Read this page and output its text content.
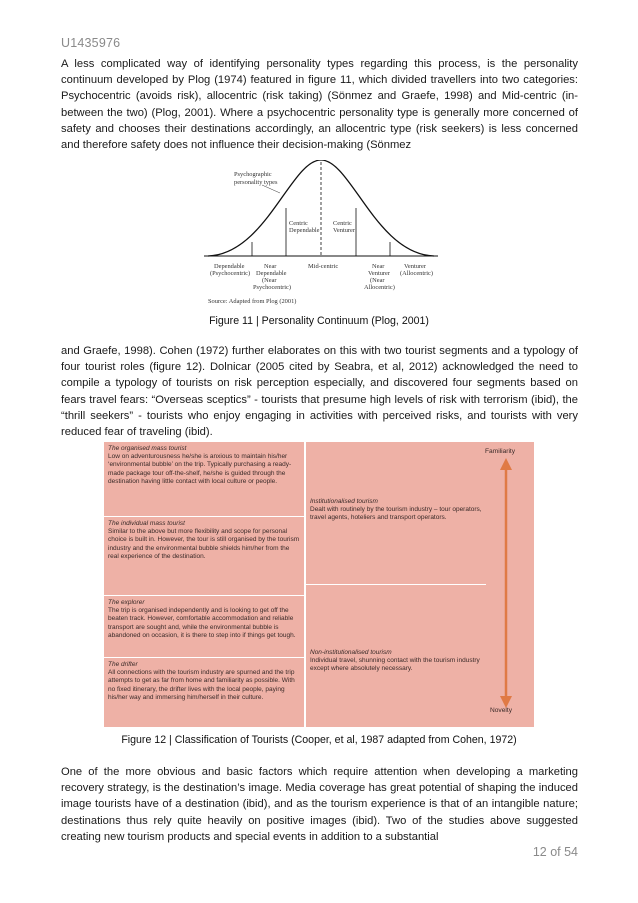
U1435976

A less complicated way of identifying personality types regarding this process, is the personality continuum developed by Plog (1974) featured in figure 11, which divided travellers into two categories: Psychocentric (avoids risk), allocentric (risk taking) (Sönmez and Graefe, 1998) and Mid-centric (in-between the two) (Plog, 2001). Where a psychocentric personality type is generally more concerned of safety and chooses their destinations accordingly, an allocentric type (risk seekers) is less concerned and therefore safety does not influence their decision-making (Sönmez

Psychographic
personality types
Centric
Dependable
Centric
Venturer
Dependable
(Psychocentric)
Near
Dependable
(Near
Psychocentric)
Mid-centric	Near
Venturer
(Near
Allocentric)
Venturer
(Allocentric)
Source: Adapted from Plog (2001)
Figure 11 | Personality Continuum (Plog, 2001)

and Graefe, 1998). Cohen (1972) further elaborates on this with two tourist segments and a typology of four tourist roles (figure 12). Dolnicar (2005 cited by Seabra, et al, 2012) acknowledged the need to compile a typology of tourists on risk perception especially, and discovered four segments based on fears travel fears: “Overseas sceptics” - tourists that presume high levels of risk with terrorism (ibid), the “thrill seekers” - tourists who enjoy engaging in activities with perceived risks, and tourists with very reduced fear of traveling (ibid).

The organised mass tourist
Low on adventurousness he/she is anxious to maintain his/her ‘environmental bubble’ on the trip. Typically purchasing a ready-made package tour off-the-shelf, he/she is guided through the destination having little contact with local culture or people.
The individual mass tourist
Similar to the above but more flexibility and scope for personal choice is built in. However, the tour is still organised by the tourism industry and the environmental bubble shields him/her from the real experience of the destination.
The explorer
The trip is organised independently and is looking to get off the beaten track. However, comfortable accommodation and reliable transport are sought and, while the environmental bubble is abandoned on occasion, it is there to step into if things get tough.
The drifter
All connections with the tourism industry are spurned and the trip attempts to get as far from home and familiarity as possible. With no fixed itinerary, the drifter lives with the local people, paying his/her way and immersing him/herself in their culture.
Institutionalised tourism
Dealt with routinely by the tourism industry – tour operators, travel agents, hoteliers and transport operators.
Non-institutionalised tourism
Individual travel, shunning contact with the tourism industry except where absolutely necessary.
Familiarity
Novelty
Figure 12 | Classification of Tourists (Cooper, et al, 1987 adapted from Cohen, 1972)

One of the more obvious and basic factors which require attention when developing a marketing recovery strategy, is the destination’s image. Media coverage has great potential of shaping the induced image tourists have of a destination (ibid), and as the tourism experience is that of an intangible nature; destinations thus rely quite heavily on positive images (ibid). Two of the studies above suggested creating new tourism products and special events in addition to a substantial

12 of 54
